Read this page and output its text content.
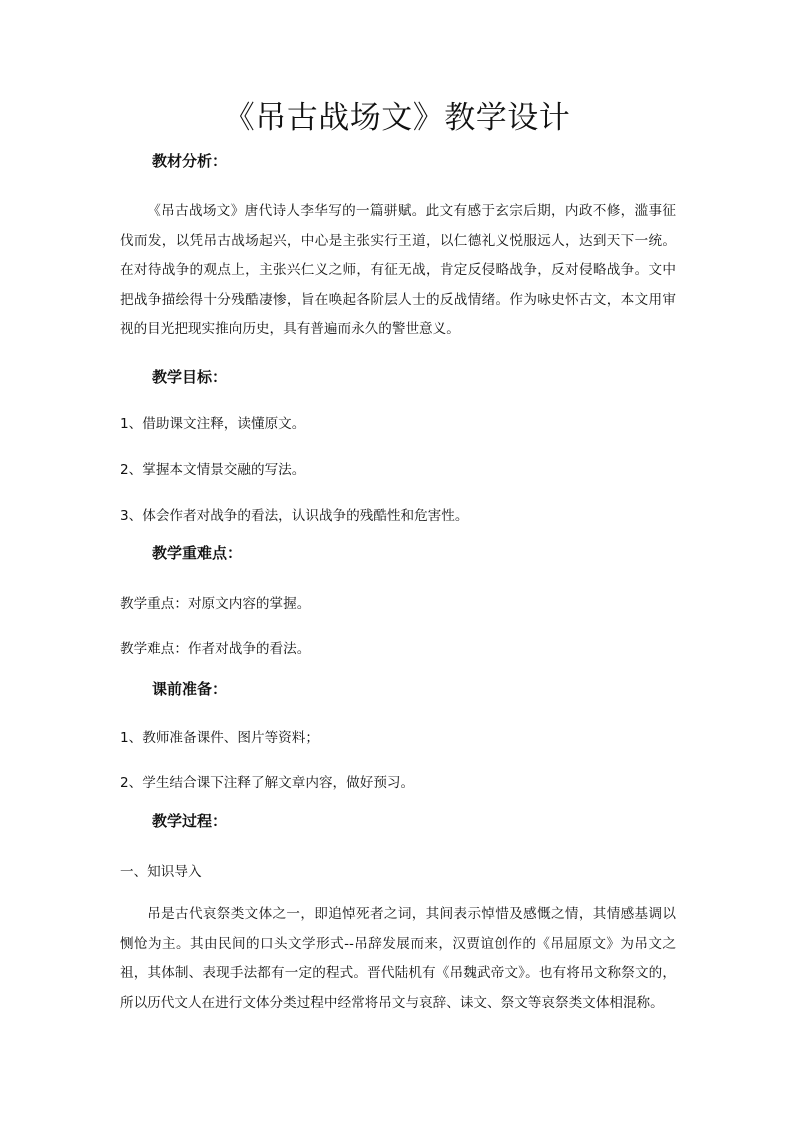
《吊古战场文》教学设计
教材分析：

《吊古战场文》唐代诗人李华写的一篇骈赋。此文有感于玄宗后期，内政不修，滥事征伐而发，以凭吊古战场起兴，中心是主张实行王道，以仁德礼义悦服远人，达到天下一统。在对待战争的观点上，主张兴仁义之师，有征无战，肯定反侵略战争，反对侵略战争。文中把战争描绘得十分残酷凄惨，旨在唤起各阶层人士的反战情绪。作为咏史怀古文，本文用审视的目光把现实推向历史，具有普遍而永久的警世意义。

教学目标：

1、借助课文注释，读懂原文。

2、掌握本文情景交融的写法。

3、体会作者对战争的看法，认识战争的残酷性和危害性。

教学重难点：

教学重点：对原文内容的掌握。

教学难点：作者对战争的看法。

课前准备：

1、教师准备课件、图片等资料；

2、学生结合课下注释了解文章内容，做好预习。

教学过程：

一、知识导入

吊是古代哀祭类文体之一，即追悼死者之词，其间表示悼惜及感慨之情，其情感基调以恻怆为主。其由民间的口头文学形式--吊辞发展而来，汉贾谊创作的《吊屈原文》为吊文之祖，其体制、表现手法都有一定的程式。晋代陆机有《吊魏武帝文》。也有将吊文称祭文的，所以历代文人在进行文体分类过程中经常将吊文与哀辞、诔文、祭文等哀祭类文体相混称。
